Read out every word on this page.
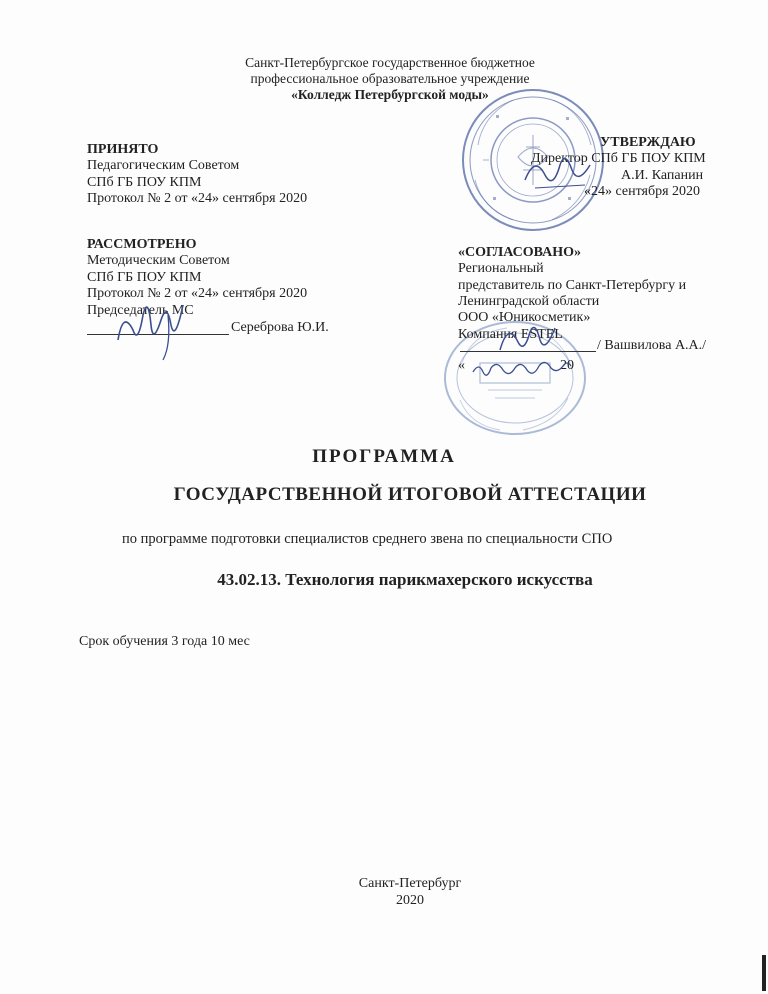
Санкт-Петербургское государственное бюджетное
профессиональное образовательное учреждение
«Колледж Петербургской моды»
ПРИНЯТО
Педагогическим Советом
СПб ГБ ПОУ КПМ
Протокол № 2 от «24» сентября 2020
УТВЕРЖДАЮ
Директор СПб ГБ ПОУ КПМ
А.И. Капанин
«24» сентября 2020
РАССМОТРЕНО
Методическим Советом
СПб ГБ ПОУ КПМ
Протокол № 2 от «24» сентября 2020
Председатель МС
Сереброва Ю.И.
«СОГЛАСОВАНО»
Региональный
представитель по Санкт-Петербургу и
Ленинградской области
ООО «Юникосметик»
Компания ESTEL
/ Вашвилова А.А./
«	20
ПРОГРАММА
ГОСУДАРСТВЕННОЙ ИТОГОВОЙ АТТЕСТАЦИИ
по программе подготовки специалистов среднего звена по специальности СПО
43.02.13. Технология парикмахерского искусства
Срок обучения 3 года 10 мес
Санкт-Петербург
2020
